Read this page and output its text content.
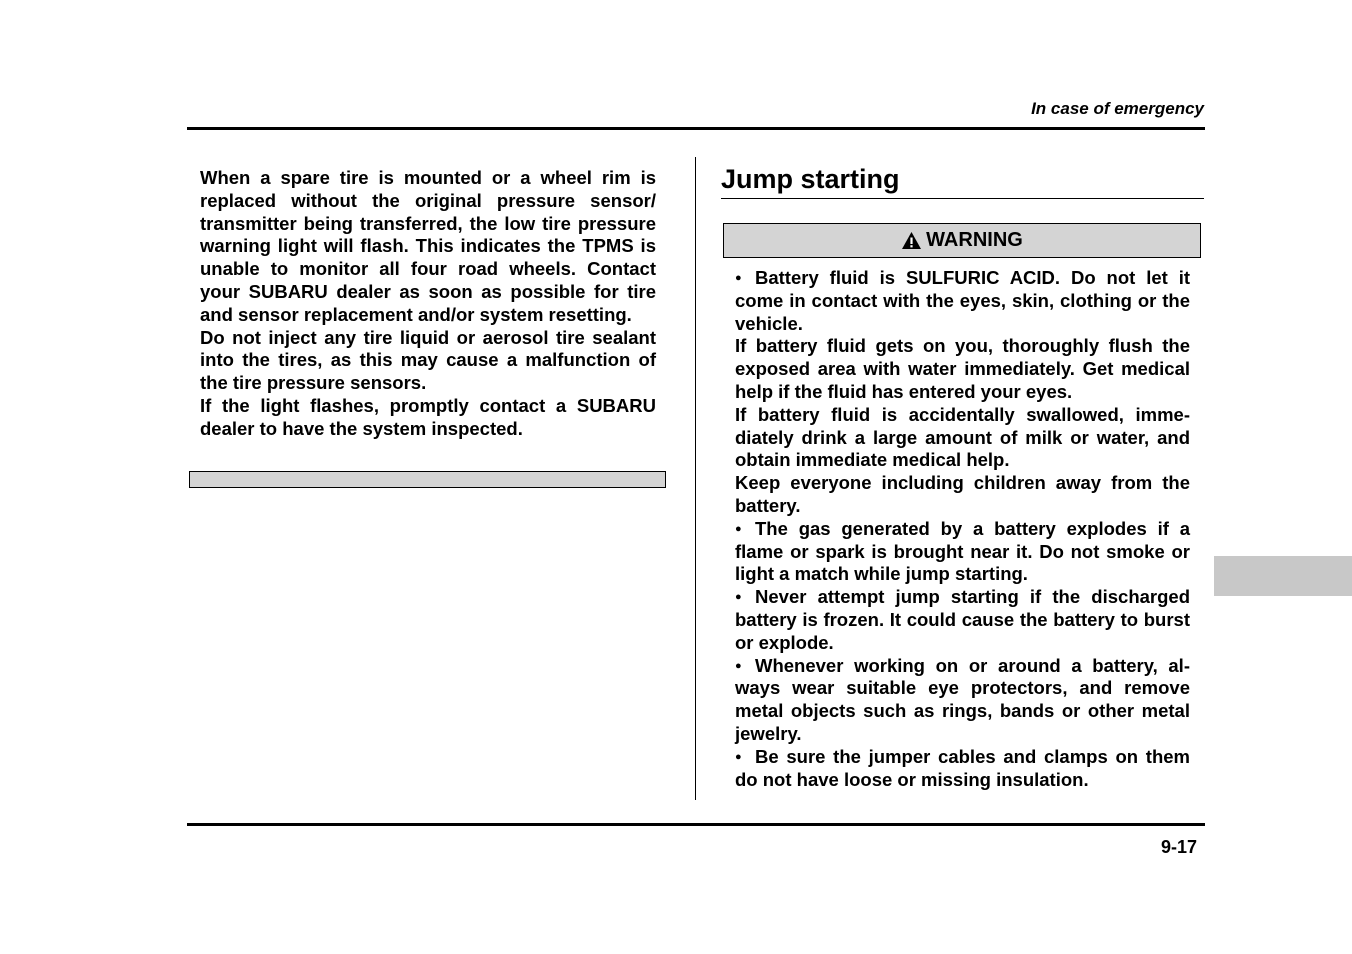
In case of emergency

When a spare tire is mounted or a wheel rim is replaced without the original pressure sensor/ transmitter being transferred, the low tire pressure warning light will flash. This indicates the TPMS is unable to monitor all four road wheels. Contact your SUBARU dealer as soon as possible for tire and sensor replacement and/or system resetting.

Do not inject any tire liquid or aerosol tire sealant into the tires, as this may cause a malfunction of the tire pressure sensors.

If the light flashes, promptly contact a SUBARU dealer to have the system inspected.

Jump starting
WARNING

● Battery fluid is SULFURIC ACID. Do not let it come in contact with the eyes, skin, clothing or the vehicle.

If battery fluid gets on you, thoroughly flush the exposed area with water immediately. Get medical help if the fluid has entered your eyes.

If battery fluid is accidentally swallowed, immediately drink a large amount of milk or water, and obtain immediate medical help.

Keep everyone including children away from the battery.

● The gas generated by a battery explodes if a flame or spark is brought near it. Do not smoke or light a match while jump starting.

● Never attempt jump starting if the discharged battery is frozen. It could cause the battery to burst or explode.

● Whenever working on or around a battery, always wear suitable eye protectors, and remove metal objects such as rings, bands or other metal jewelry.

● Be sure the jumper cables and clamps on them do not have loose or missing insulation.

9-17
